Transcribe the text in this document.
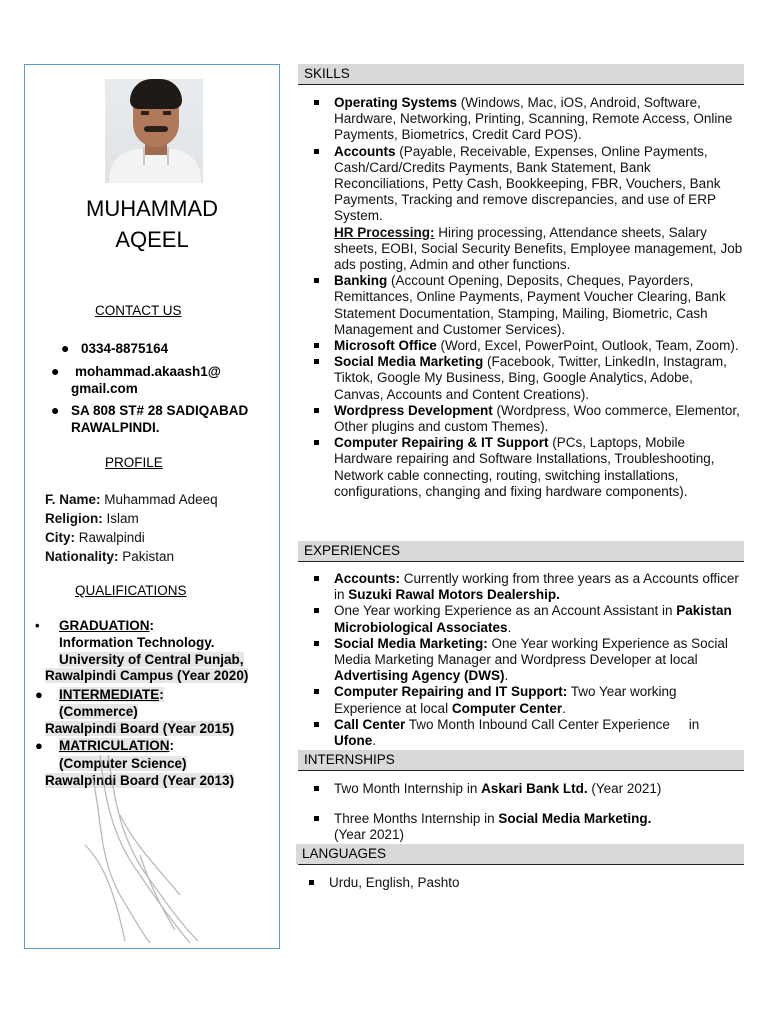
MUHAMMAD
AQEEL
CONTACT US
● 0334-8875164
● mohammad.akaash1@
gmail.com
● SA 808 ST# 28 SADIQABAD
RAWALPINDI.
PROFILE
F. Name: Muhammad Adeeq
Religion: Islam
City: Rawalpindi
Nationality: Pakistan
QUALIFICATIONS
• GRADUATION:
Information Technology.
University of Central Punjab,
Rawalpindi Campus (Year 2020)
● INTERMEDIATE:
(Commerce)
Rawalpindi Board (Year 2015)
● MATRICULATION:
(Computer Science)
Rawalpindi Board (Year 2013)
SKILLS
Operating Systems (Windows, Mac, iOS, Android, Software, Hardware, Networking, Printing, Scanning, Remote Access, Online Payments, Biometrics, Credit Card POS).
Accounts (Payable, Receivable, Expenses, Online Payments, Cash/Card/Credits Payments, Bank Statement, Bank Reconciliations, Petty Cash, Bookkeeping, FBR, Vouchers, Bank Payments, Tracking and remove discrepancies, and use of ERP System.
HR Processing: Hiring processing, Attendance sheets, Salary sheets, EOBI, Social Security Benefits, Employee management, Job ads posting, Admin and other functions.
Banking (Account Opening, Deposits, Cheques, Payorders, Remittances, Online Payments, Payment Voucher Clearing, Bank Statement Documentation, Stamping, Mailing, Biometric, Cash Management and Customer Services).
Microsoft Office (Word, Excel, PowerPoint, Outlook, Team, Zoom).
Social Media Marketing (Facebook, Twitter, LinkedIn, Instagram, Tiktok, Google My Business, Bing, Google Analytics, Adobe, Canvas, Accounts and Content Creations).
Wordpress Development (Wordpress, Woo commerce, Elementor, Other plugins and custom Themes).
Computer Repairing & IT Support (PCs, Laptops, Mobile Hardware repairing and Software Installations, Troubleshooting, Network cable connecting, routing, switching installations, configurations, changing and fixing hardware components).
EXPERIENCES
Accounts: Currently working from three years as a Accounts officer in Suzuki Rawal Motors Dealership.
One Year working Experience as an Account Assistant in Pakistan Microbiological Associates.
Social Media Marketing: One Year working Experience as Social Media Marketing Manager and Wordpress Developer at local Advertising Agency (DWS).
Computer Repairing and IT Support: Two Year working Experience at local Computer Center.
Call Center Two Month Inbound Call Center Experience     in Ufone.
INTERNSHIPS
Two Month Internship in Askari Bank Ltd. (Year 2021)
Three Months Internship in Social Media Marketing.
(Year 2021)
LANGUAGES
Urdu, English, Pashto
